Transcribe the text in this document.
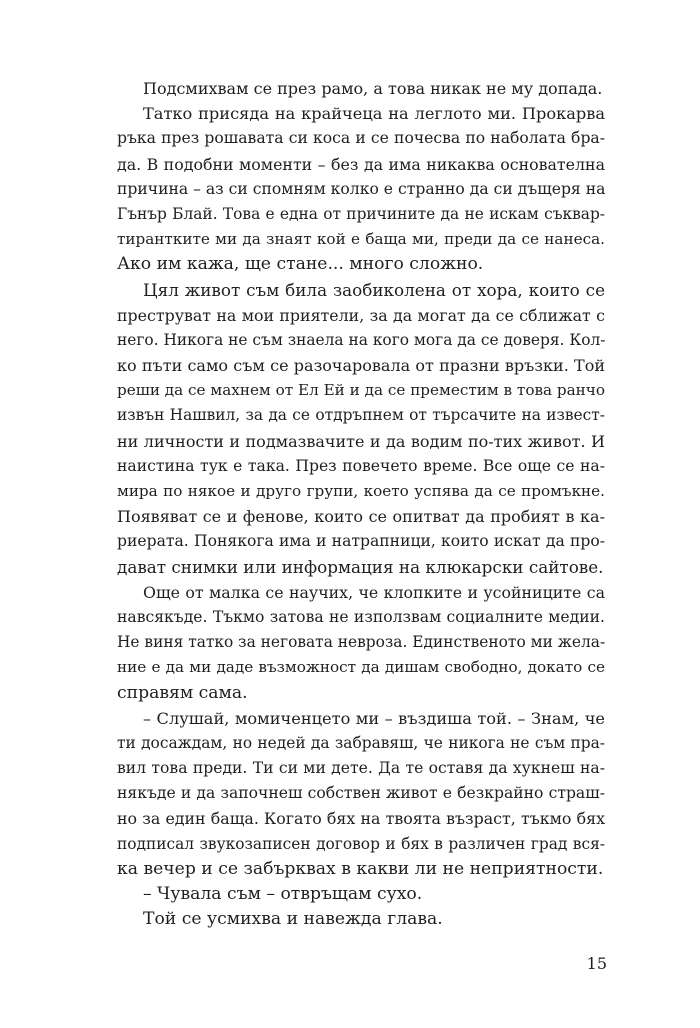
Подсмихвам се през рамо, а това никак не му допада.
Татко присяда на крайчеца на леглото ми. Прокарва
ръка през рошавата си коса и се почесва по наболата бра-
да. В подобни моменти – без да има никаква основателна
причина – аз си спомням колко е странно да си дъщеря на
Гънър Блай. Това е една от причините да не искам съквар-
тирантките ми да знаят кой е баща ми, преди да се нанеса.
Ако им кажа, ще стане... много сложно.
Цял живот съм била заобиколена от хора, които се
преструват на мои приятели, за да могат да се сближат с
него. Никога не съм знаела на кого мога да се доверя. Кол-
ко пъти само съм се разочаровала от празни връзки. Той
реши да се махнем от Ел Ей и да се преместим в това ранчо
извън Нашвил, за да се отдръпнем от търсачите на извест-
ни личности и подмазвачите и да водим по-тих живот. И
наистина тук е така. През повечето време. Все още се на-
мира по някое и друго групи, което успява да се промъкне.
Появяват се и фенове, които се опитват да пробият в ка-
риерата. Понякога има и натрапници, които искат да про-
дават снимки или информация на клюкарски сайтове.
Още от малка се научих, че клопките и усойниците са
навсякъде. Тъкмо затова не използвам социалните медии.
Не виня татко за неговата невроза. Единственото ми жела-
ние е да ми даде възможност да дишам свободно, докато се
справям сама.
– Слушай, момиченцето ми – въздиша той. – Знам, че
ти досаждам, но недей да забравяш, че никога не съм пра-
вил това преди. Ти си ми дете. Да те оставя да хукнеш на-
някъде и да започнеш собствен живот е безкрайно страш-
но за един баща. Когато бях на твоята възраст, тъкмо бях
подписал звукозаписен договор и бях в различен град вся-
ка вечер и се забърквах в какви ли не неприятности.
– Чувала съм – отвръщам сухо.
Той се усмихва и навежда глава.
15
